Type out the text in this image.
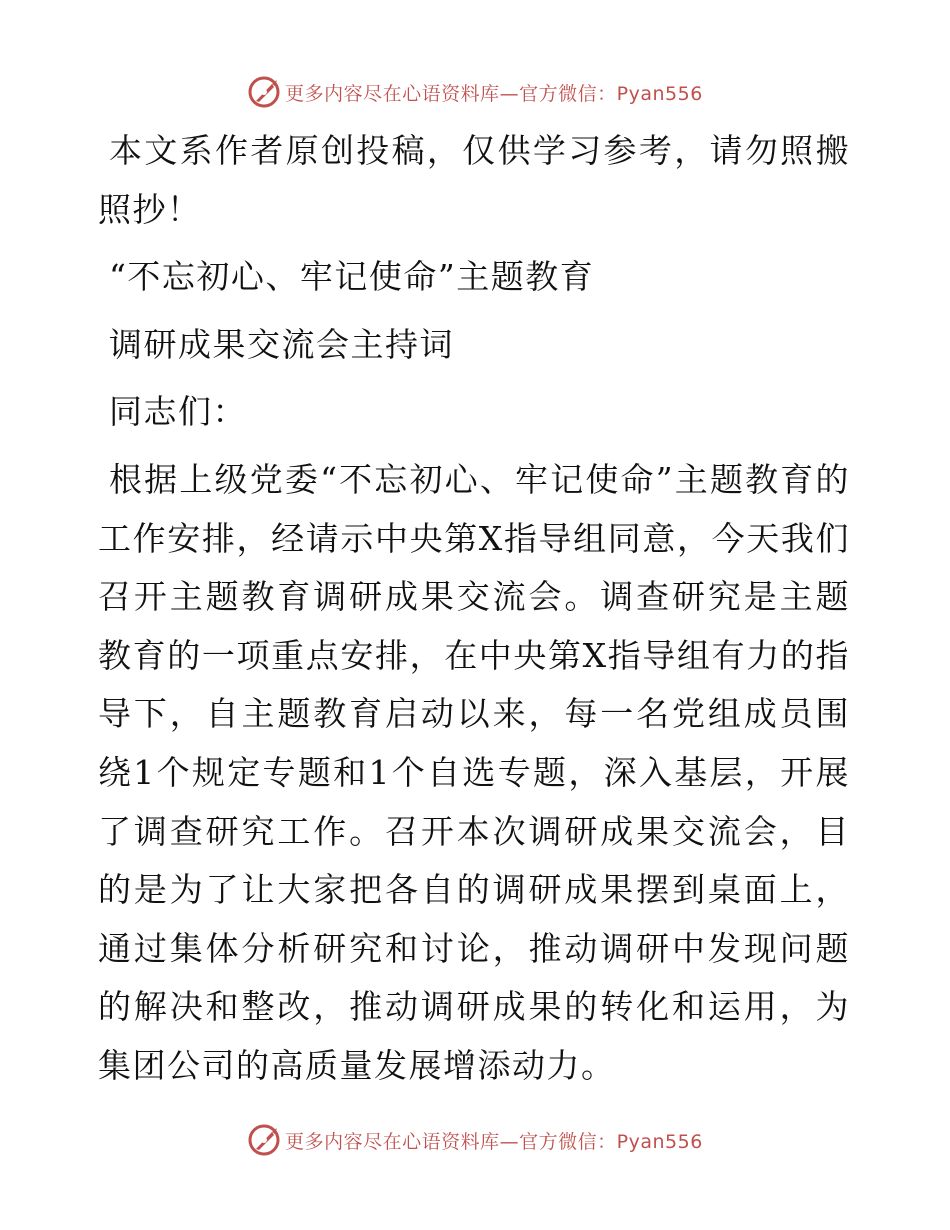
更多内容尽在心语资料库—官方微信：Pyan556

本文系作者原创投稿，仅供学习参考，请勿照搬照抄！

“不忘初心、牢记使命”主题教育

调研成果交流会主持词

同志们：

根据上级党委“不忘初心、牢记使命”主题教育的工作安排，经请示中央第X指导组同意，今天我们召开主题教育调研成果交流会。调查研究是主题教育的一项重点安排，在中央第X指导组有力的指导下，自主题教育启动以来，每一名党组成员围绕1个规定专题和1个自选专题，深入基层，开展了调查研究工作。召开本次调研成果交流会，目的是为了让大家把各自的调研成果摆到桌面上，通过集体分析研究和讨论，推动调研中发现问题的解决和整改，推动调研成果的转化和运用，为集团公司的高质量发展增添动力。

更多内容尽在心语资料库—官方微信：Pyan556
